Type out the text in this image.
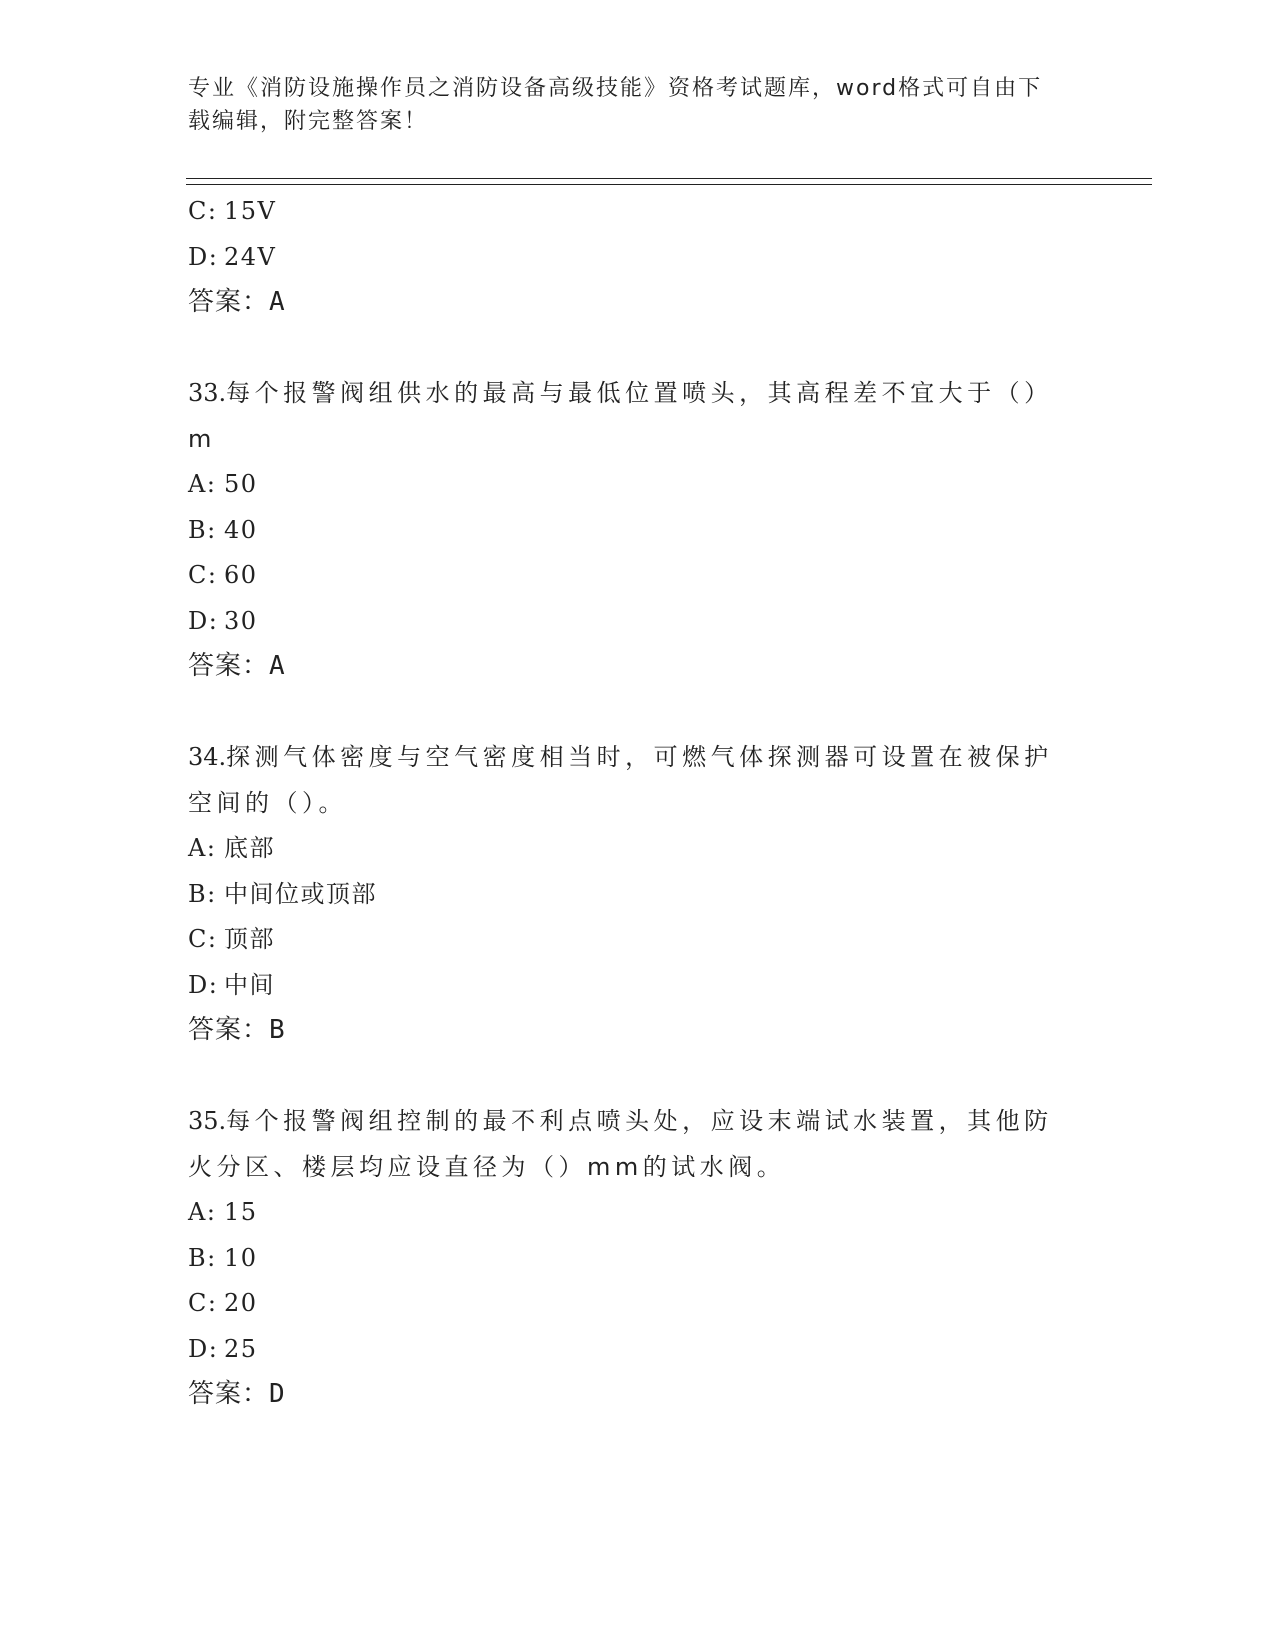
专业《消防设施操作员之消防设备高级技能》资格考试题库，word格式可自由下
载编辑，附完整答案！
C: 15V
D: 24V
答案：A
33.每个报警阀组供水的最高与最低位置喷头，其高程差不宜大于（）
m
A: 50
B: 40
C: 60
D: 30
答案：A
34.探测气体密度与空气密度相当时，可燃气体探测器可设置在被保护
空间的（）。
A: 底部
B: 中间位或顶部
C: 顶部
D: 中间
答案：B
35.每个报警阀组控制的最不利点喷头处，应设末端试水装置，其他防
火分区、楼层均应设直径为（）mm的试水阀。
A: 15
B: 10
C: 20
D: 25
答案：D
